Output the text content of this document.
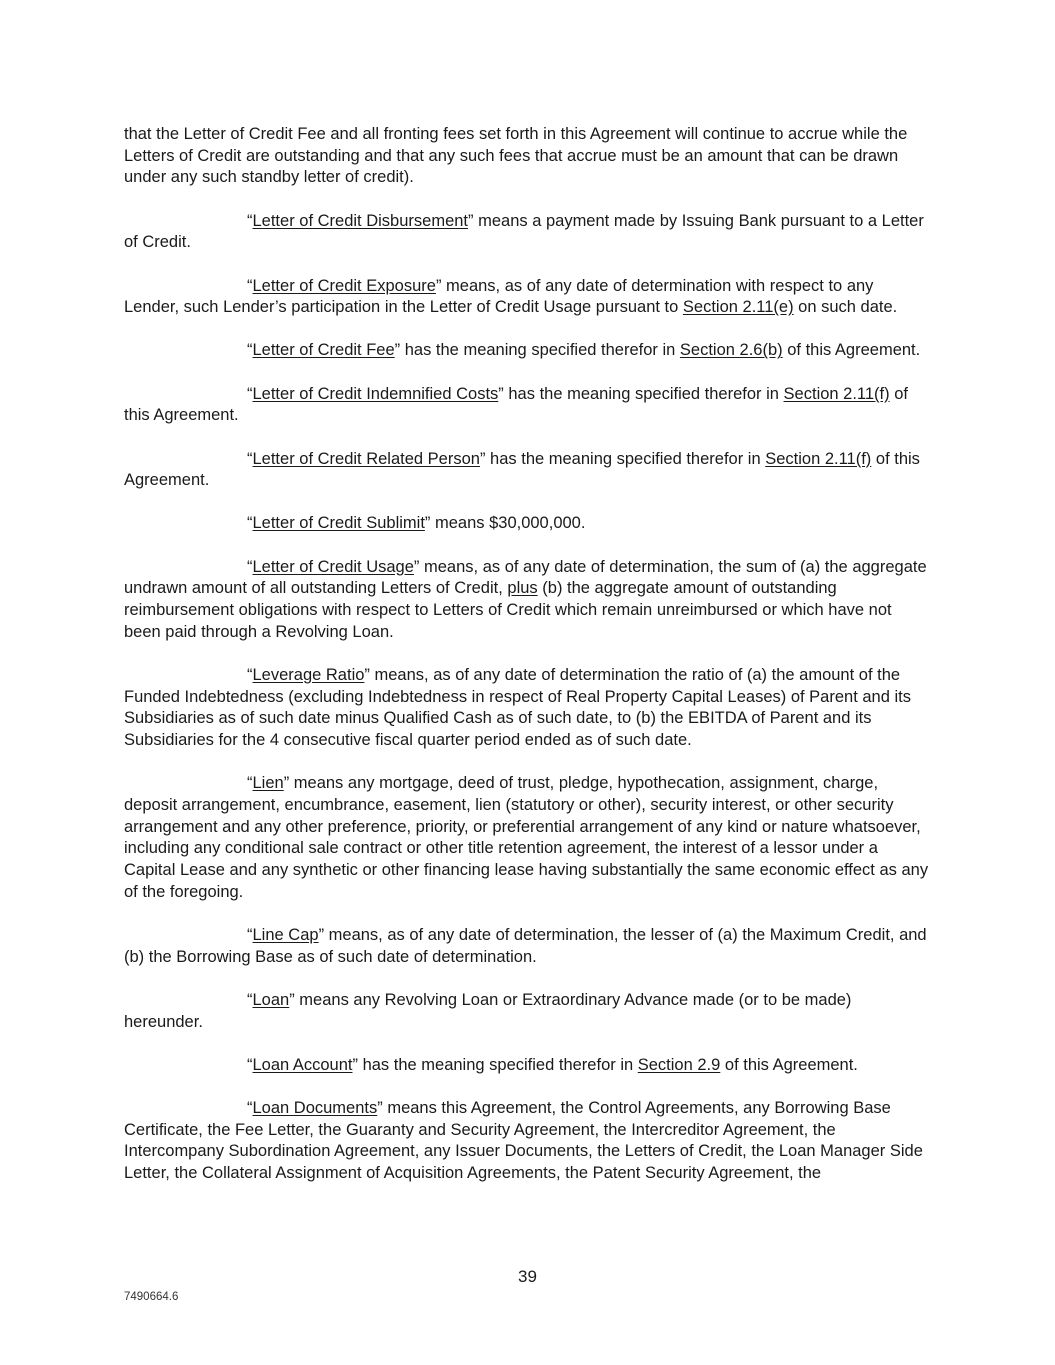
that the Letter of Credit Fee and all fronting fees set forth in this Agreement will continue to accrue while the Letters of Credit are outstanding and that any such fees that accrue must be an amount that can be drawn under any such standby letter of credit).

“Letter of Credit Disbursement” means a payment made by Issuing Bank pursuant to a Letter of Credit.

“Letter of Credit Exposure” means, as of any date of determination with respect to any Lender, such Lender’s participation in the Letter of Credit Usage pursuant to Section 2.11(e) on such date.

“Letter of Credit Fee” has the meaning specified therefor in Section 2.6(b) of this Agreement.

“Letter of Credit Indemnified Costs” has the meaning specified therefor in Section 2.11(f) of this Agreement.

“Letter of Credit Related Person” has the meaning specified therefor in Section 2.11(f) of this Agreement.

“Letter of Credit Sublimit” means $30,000,000.

“Letter of Credit Usage” means, as of any date of determination, the sum of (a) the aggregate undrawn amount of all outstanding Letters of Credit, plus (b) the aggregate amount of outstanding reimbursement obligations with respect to Letters of Credit which remain unreimbursed or which have not been paid through a Revolving Loan.

“Leverage Ratio” means, as of any date of determination the ratio of (a) the amount of the Funded Indebtedness (excluding Indebtedness in respect of Real Property Capital Leases) of Parent and its Subsidiaries as of such date minus Qualified Cash as of such date, to (b) the EBITDA of Parent and its Subsidiaries for the 4 consecutive fiscal quarter period ended as of such date.

“Lien” means any mortgage, deed of trust, pledge, hypothecation, assignment, charge, deposit arrangement, encumbrance, easement, lien (statutory or other), security interest, or other security arrangement and any other preference, priority, or preferential arrangement of any kind or nature whatsoever, including any conditional sale contract or other title retention agreement, the interest of a lessor under a Capital Lease and any synthetic or other financing lease having substantially the same economic effect as any of the foregoing.

“Line Cap” means, as of any date of determination, the lesser of (a) the Maximum Credit, and (b) the Borrowing Base as of such date of determination.

“Loan” means any Revolving Loan or Extraordinary Advance made (or to be made) hereunder.

“Loan Account” has the meaning specified therefor in Section 2.9 of this Agreement.

“Loan Documents” means this Agreement, the Control Agreements, any Borrowing Base Certificate, the Fee Letter, the Guaranty and Security Agreement, the Intercreditor Agreement, the Intercompany Subordination Agreement, any Issuer Documents, the Letters of Credit, the Loan Manager Side Letter, the Collateral Assignment of Acquisition Agreements, the Patent Security Agreement, the

39
7490664.6
